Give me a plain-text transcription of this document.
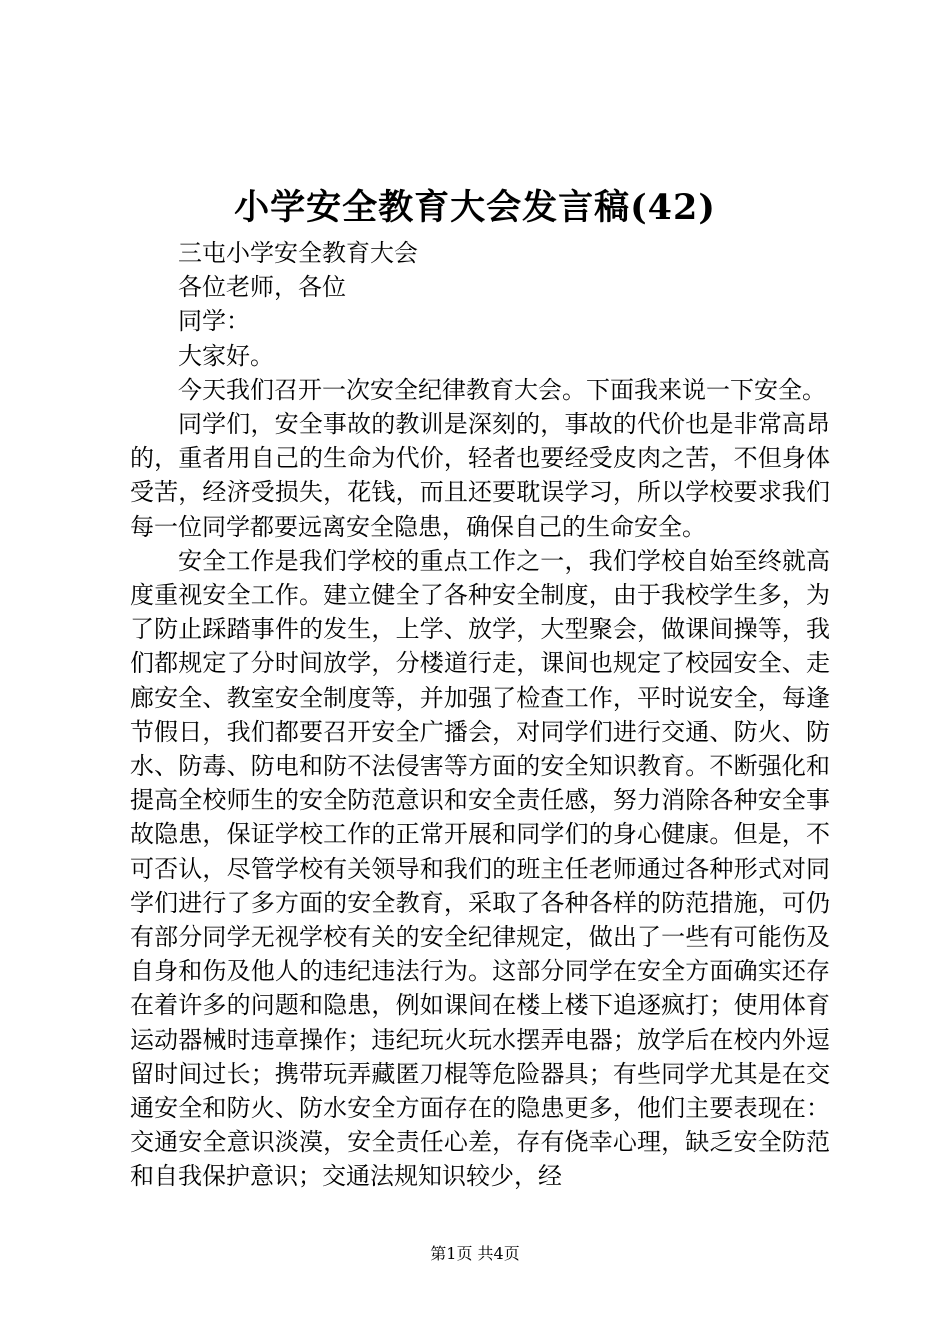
小学安全教育大会发言稿(42)

三屯小学安全教育大会

各位老师，各位

同学：

大家好。

今天我们召开一次安全纪律教育大会。下面我来说一下安全。

同学们，安全事故的教训是深刻的，事故的代价也是非常高昂的，重者用自己的生命为代价，轻者也要经受皮肉之苦，不但身体受苦，经济受损失，花钱，而且还要耽误学习，所以学校要求我们每一位同学都要远离安全隐患，确保自己的生命安全。

安全工作是我们学校的重点工作之一，我们学校自始至终就高度重视安全工作。建立健全了各种安全制度，由于我校学生多，为了防止踩踏事件的发生，上学、放学，大型聚会，做课间操等，我们都规定了分时间放学，分楼道行走，课间也规定了校园安全、走廊安全、教室安全制度等，并加强了检查工作，平时说安全，每逢节假日，我们都要召开安全广播会，对同学们进行交通、防火、防水、防毒、防电和防不法侵害等方面的安全知识教育。不断强化和提高全校师生的安全防范意识和安全责任感，努力消除各种安全事故隐患，保证学校工作的正常开展和同学们的身心健康。但是，不可否认，尽管学校有关领导和我们的班主任老师通过各种形式对同学们进行了多方面的安全教育，采取了各种各样的防范措施，可仍有部分同学无视学校有关的安全纪律规定，做出了一些有可能伤及自身和伤及他人的违纪违法行为。这部分同学在安全方面确实还存在着许多的问题和隐患，例如课间在楼上楼下追逐疯打；使用体育运动器械时违章操作；违纪玩火玩水摆弄电器；放学后在校内外逗留时间过长；携带玩弄藏匿刀棍等危险器具；有些同学尤其是在交通安全和防火、防水安全方面存在的隐患更多，他们主要表现在：交通安全意识淡漠，安全责任心差，存有侥幸心理，缺乏安全防范和自我保护意识；交通法规知识较少，经

第1页 共4页
